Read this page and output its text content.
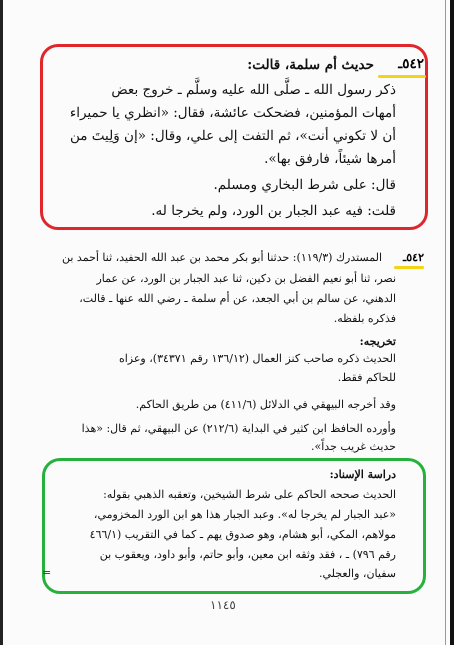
٥٤٢ـ
حديث أم سلمة، قالت:
ذكر رسول الله ـ صلَّى الله عليه وسلَّم ـ خروج بعض
أمهات المؤمنين، فضحكت عائشة، فقال: «انظري يا حميراء
أن لا تكوني أنت»، ثم التفت إلى علي، وقال: «إن وَلِيتَ من
أمرها شيئاً، فارفق بها».
قال: على شرط البخاري ومسلم.
قلت: فيه عبد الجبار بن الورد، ولم يخرجا له.
٥٤٢ـ
المستدرك (١١٩/٣): حدثنا أبو بكر محمد بن عبد الله الحفيد، ثنا أحمد بن
نصر، ثنا أبو نعيم الفضل بن دكين، ثنا عبد الجبار بن الورد، عن عمار
الدهني، عن سالم بن أبي الجعد، عن أم سلمة ـ رضي الله عنها ـ قالت،
فذكره بلفظه.
تخريجه:
الحديث ذكره صاحب كنز العمال (١٣٦/١٢ رقم ٣٤٣٧١)، وعزاه
للحاكم فقط.
وقد أخرجه البيهقي في الدلائل (٤١١/٦) من طريق الحاكم.
وأورده الحافظ ابن كثير في البداية (٢١٢/٦) عن البيهقي، ثم قال: «هذا
حديث غريب جداً».
دراسة الإسناد:
الحديث صححه الحاكم على شرط الشيخين، وتعقبه الذهبي بقوله:
«عبد الجبار لم يخرجا له». وعبد الجبار هذا هو ابن الورد المخزومي،
مولاهم، المكي، أبو هشام، وهو صدوق يهم ـ كما في التقريب (٤٦٦/١
رقم ٧٩٦) ـ ، فقد وثقه ابن معين، وأبو حاتم، وأبو داود، ويعقوب بن
سفيان، والعجلي.
=
١١٤٥
